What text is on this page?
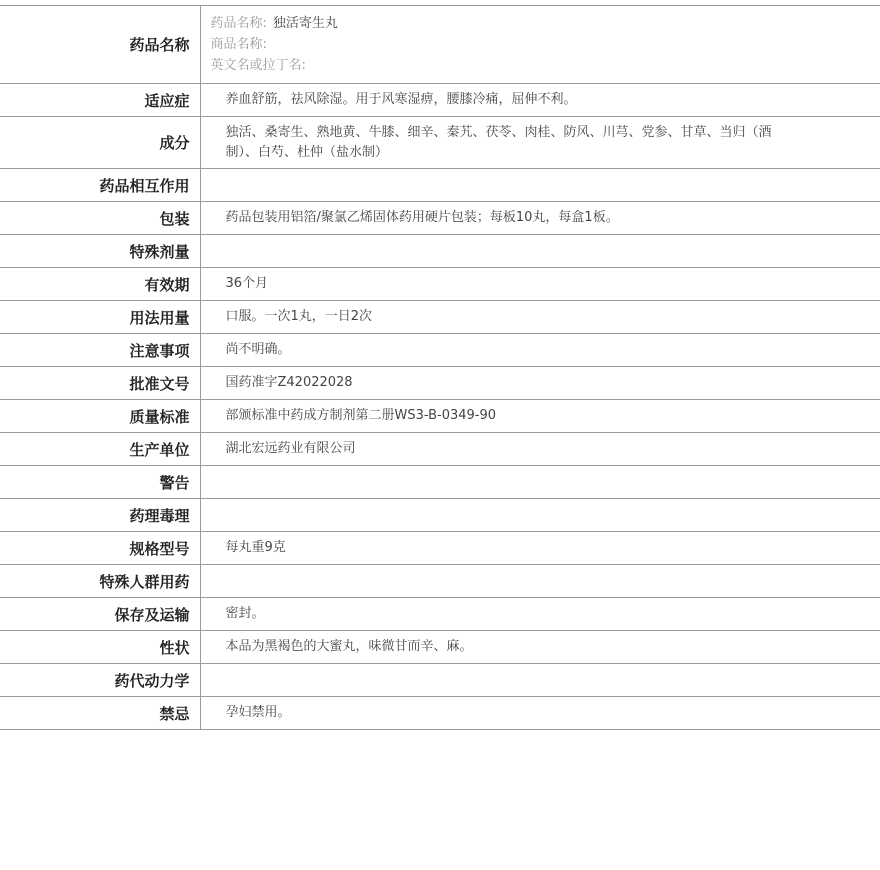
药品名称	药品名称: 独活寄生丸
商品名称:
英文名或拉丁名:

适应症	养血舒筋，祛风除湿。用于风寒湿痹，腰膝冷痛，屈伸不利。
成分	独活、桑寄生、熟地黄、牛膝、细辛、秦艽、茯苓、肉桂、防风、川芎、党参、甘草、当归（酒制）、白芍、杜仲（盐水制）
药品相互作用	
包装	药品包装用铝箔/聚氯乙烯固体药用硬片包装；每板10丸，每盒1板。
特殊剂量	
有效期	36个月
用法用量	口服。一次1丸，一日2次
注意事项	尚不明确。
批准文号	国药准字Z42022028
质量标准	部颁标准中药成方制剂第二册WS3-B-0349-90
生产单位	湖北宏远药业有限公司
警告	
药理毒理	
规格型号	每丸重9克
特殊人群用药	
保存及运输	密封。
性状	本品为黑褐色的大蜜丸，味微甘而辛、麻。
药代动力学	
禁忌	孕妇禁用。
